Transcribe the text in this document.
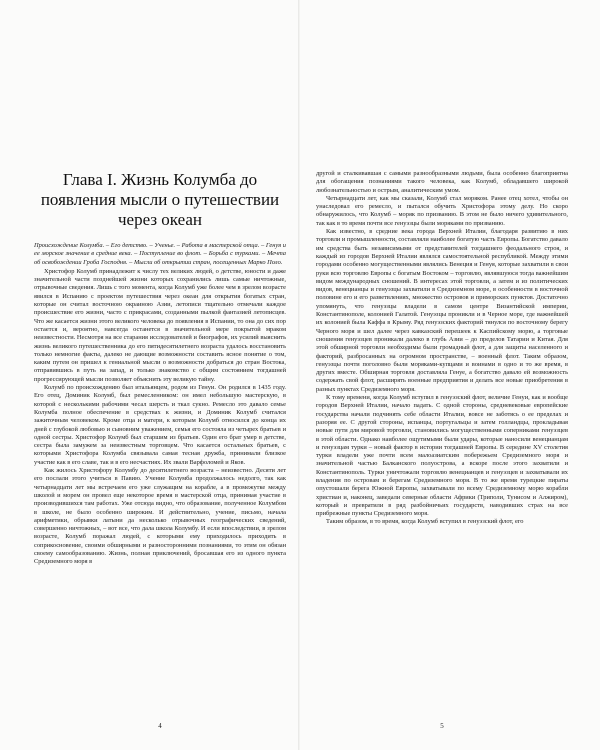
Глава I. Жизнь Колумба до появления мысли о путешествии через океан

Происхождение Колумба. – Его детство. – Ученье. – Работа в мастерской отца. – Генуя и ее морское значение в средние века. – Поступление во флот. – Борьба с турками. – Мечта об освобождении Гроба Господня. – Мысли об открытии стран, посещенных Марко Поло.

Христофор Колумб принадлежит к числу тех великих людей, о детстве, юности и даже значительной части позднейшей жизни которых сохранились лишь самые ничтожные, отрывочные сведения. Лишь с того момента, когда Колумб уже более чем в зрелом возрасте явился в Испанию с проектом путешествия через океан для открытия богатых стран, которые он считал восточною окраиною Азии, летописи тщательно отмечали каждое происшествие его жизни, часто с прикрасами, созданными пылкой фантазией летописцев. Что же касается жизни этого великого человека до появления в Испании, то она до сих пор остается и, вероятно, навсегда останется в значительной мере покрытой мраком неизвестности. Несмотря на все старания исследователей и биографов, их усилий выяснить жизнь великого путешественника до его пятидесятилетнего возраста удалось восстановить только немногие факты, далеко не дающие возможности составить ясное понятие о том, каким путем он пришел к гениальной мысли о возможности добраться до стран Востока, отправившись в путь на запад, и только знакомство с общим состоянием тогдашней прогрессирующей мысли позволяет объяснить эту великую тайну.

Колумб по происхождению был итальянцем, родом из Генуи. Он родился в 1435 году. Его отец, Доминик Колумб, был ремесленником: он имел небольшую мастерскую, в которой с несколькими рабочими чесал шерсть и ткал сукно. Ремесло это давало семье Колумба полное обеспечение в средствах к жизни, и Доминик Колумб считался зажиточным человеком. Кроме отца и матери, к которым Колумб относился до конца их дней с глубокой любовью и сыновним уважением, семья его состояла из четырех братьев и одной сестры. Христофор Колумб был старшим из братьев. Один его брат умер в детстве, сестра была замужем за неизвестным торговцем. Что касается остальных братьев, с которыми Христофора Колумба связывала самая тесная дружба, принимали близкое участие как в его славе, так и в его несчастиях. Их звали Варфоломей и Яков.

Как жилось Христофору Колумбу до десятилетнего возраста – неизвестно. Десяти лет его послали этого учиться в Павию. Учение Колумба продолжалось недолго, так как четырнадцати лет мы встречаем его уже служащим на корабле, а в промежутке между школой и морем он провел еще некоторое время в мастерской отца, принимая участие в производившихся там работах. Уже отсюда видно, что образование, полученное Колумбом в школе, не было особенно широким. И действительно, учение, письмо, начала арифметики, обрывки латыни да несколько отрывочных географических сведений, совершенно ничтожных, – вот все, что дала школа Колумбу. И если впоследствии, в зрелом возрасте, Колумб поражал людей, с которыми ему приходилось приходить в соприкосновение, своими обширными и разносторонними познаниями, то этим он обязан своему самообразованию. Жизнь, полная приключений, бросавшая его из одного пункта Средиземного моря в

4

другой и сталкивавшая с самыми разнообразными людьми, была особенно благоприятна для обогащения познаниями такого человека, как Колумб, обладавшего широкой любознательностью и острым, аналитическим умом.

Четырнадцати лет, как мы сказали, Колумб стал моряком. Ранее отец хотел, чтобы он унаследовал его ремесло, и пытался обучить Христофора этому делу. Но скоро обнаружилось, что Колумб – моряк по призванию. В этом не было ничего удивительного, так как в то время почти все генуэзцы были моряками по призванию.

Как известно, в средние века города Верхней Италии, благодаря развитию в них торговли и промышленности, составляли наиболее богатую часть Европы. Богатство давало им средства быть независимыми от представителей тогдашнего феодального строя, и каждый из городов Верхней Италии являлся самостоятельной республикой. Между этими городами особенно могущественными являлись Венеция и Генуя, которые захватили в свои руки всю торговлю Европы с богатым Востоком – торговлю, являвшуюся тогда важнейшим видом международных сношений. В интересах этой торговли, а затем и из политических видов, венецианцы и генуэзцы захватили в Средиземном море, в особенности в восточной половине его и его разветвлениях, множество островов и приморских пунктов. Достаточно упомянуть, что генуэзцы владели в самом центре Византийской империи, Константинополе, колонией Галатой. Генуэзцы проникли и в Черное море, где важнейшей их колонией была Каффа в Крыму. Ряд генуэзских факторий тянулся по восточному берегу Черного моря и шел далее через кавказский перешеек к Каспийскому морю, а торговые сношения генуэзцев проникали далеко в глубь Азии – до пределов Татарии и Китая. Для этой обширной торговли необходимы были громадный флот, а для защиты населенного и факторий, разбросанных на огромном пространстве, – военный флот. Таким образом, генуэзцы почти поголовно были моряками-купцами и воинами в одно и то же время, в других вместе. Обширная торговля доставляла Генуе, а богатство давало ей возможность содержать свой флот, расширять военные предприятия и делать все новые приобретения в разных пунктах Средиземного моря.

К тому времени, когда Колумб вступил в генуэзский флот, величие Генуи, как и вообще городов Верхней Италии, начало падать. С одной стороны, средневековые европейские государства начали подчинять себе области Италии, вовсе не заботясь о ее пределах и разоряя ее. С другой стороны, испанцы, португальцы и затем голландцы, прокладывая новые пути для мировой торговли, становились могущественными соперниками генуэзцев в этой области. Однако наиболее ощутимыми были удары, которые наносили венецианцам и генуэзцам турки – новый фактор в истории тогдашней Европы. В середине XV столетия турки владели уже почти всем малоазиатским побережьем Средиземного моря и значительной частью Балканского полуострова, а вскоре после этого захватили и Константинополь. Турки уничтожали торговлю венецианцев и генуэзцев и захватывали их владения по островам и берегам Средиземного моря. В то же время турецкие пираты опустошали берега Южной Европы, захватывали по всему Средиземному морю корабли христиан и, наконец, заведали северные области Африки (Триполи, Тунисом и Алжиром), который и превратили в ряд разбойничьих государств, наводивших страх на все прибрежные пункты Средиземного моря.

Таким образом, в то время, когда Колумб вступил в генуэзский флот, его

5
